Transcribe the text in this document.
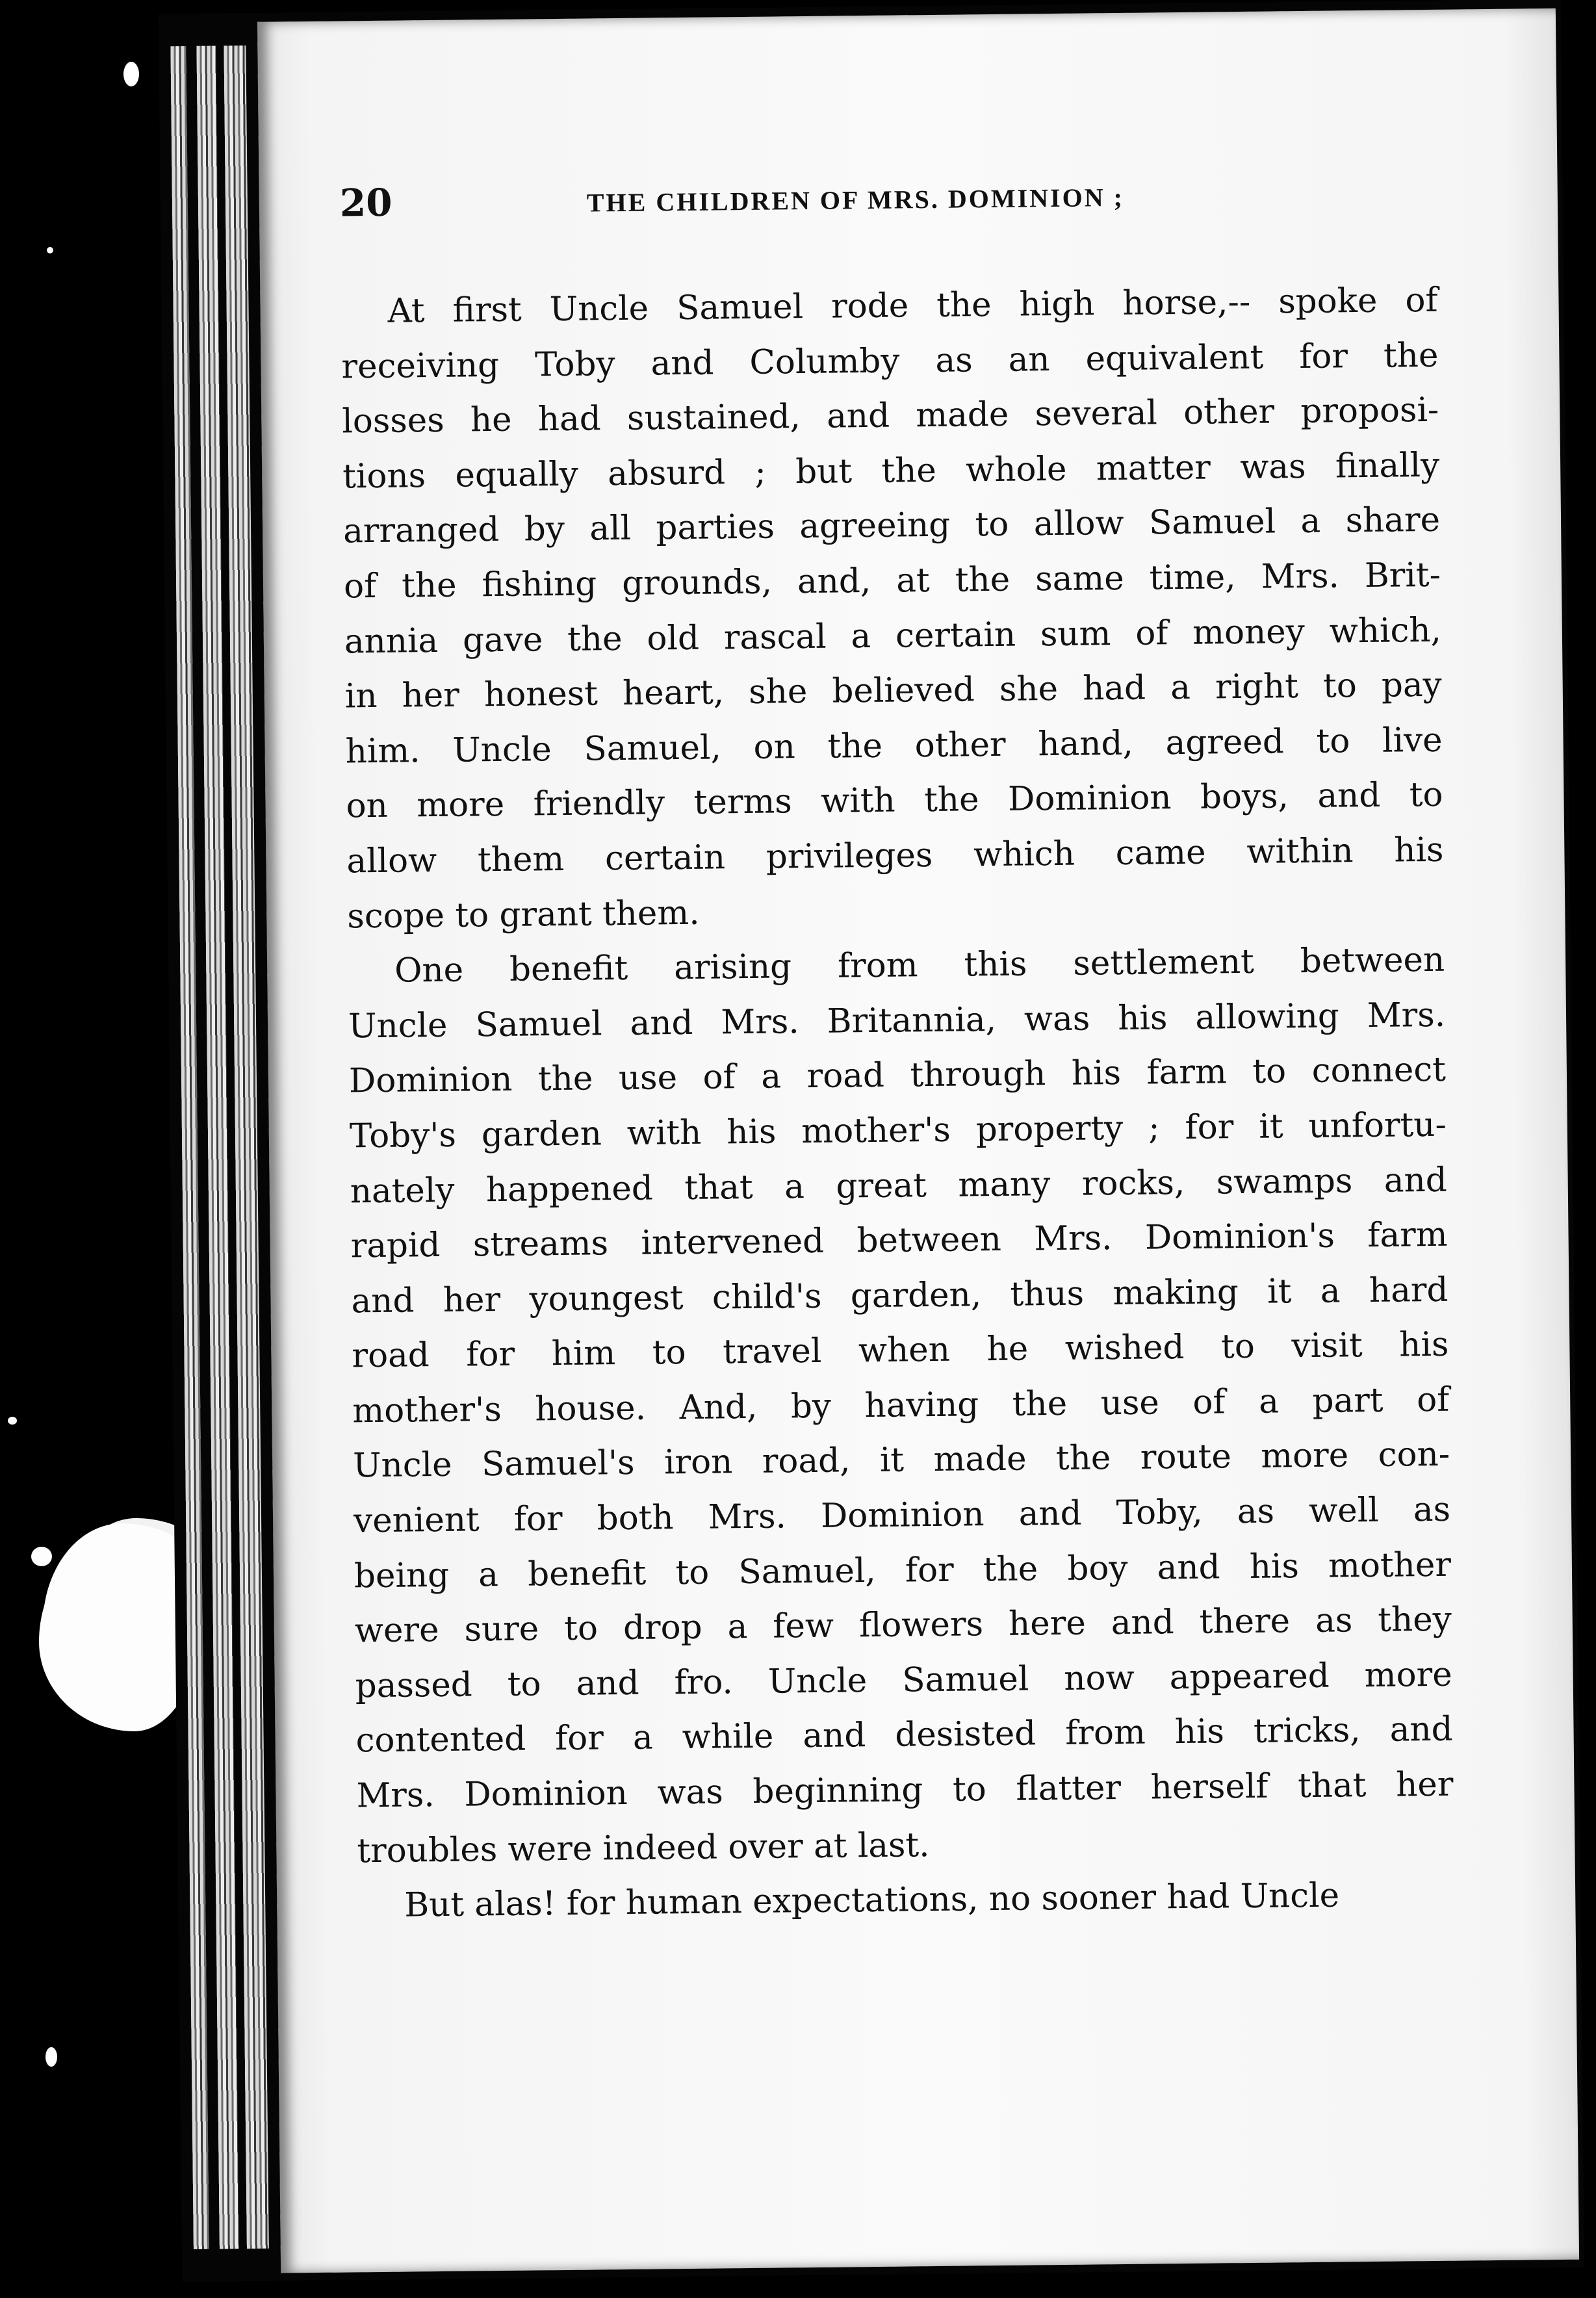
20	THE CHILDREN OF MRS. DOMINION ;
At first Uncle Samuel rode the high horse,-- spoke of
receiving Toby and Columby as an equivalent for the
losses he had sustained, and made several other proposi-
tions equally absurd ; but the whole matter was finally
arranged by all parties agreeing to allow Samuel a share
of the fishing grounds, and, at the same time, Mrs. Brit-
annia gave the old rascal a certain sum of money which,
in her honest heart, she believed she had a right to pay
him. Uncle Samuel, on the other hand, agreed to live
on more friendly terms with the Dominion boys, and to
allow them certain privileges which came within his
scope to grant them.
One benefit arising from this settlement between
Uncle Samuel and Mrs. Britannia, was his allowing Mrs.
Dominion the use of a road through his farm to connect
Toby's garden with his mother's property ; for it unfortu-
nately happened that a great many rocks, swamps and
rapid streams intervened between Mrs. Dominion's farm
and her youngest child's garden, thus making it a hard
road for him to travel when he wished to visit his
mother's house. And, by having the use of a part of
Uncle Samuel's iron road, it made the route more con-
venient for both Mrs. Dominion and Toby, as well as
being a benefit to Samuel, for the boy and his mother
were sure to drop a few flowers here and there as they
passed to and fro. Uncle Samuel now appeared more
contented for a while and desisted from his tricks, and
Mrs. Dominion was beginning to flatter herself that her
troubles were indeed over at last.
But alas! for human expectations, no sooner had Uncle
